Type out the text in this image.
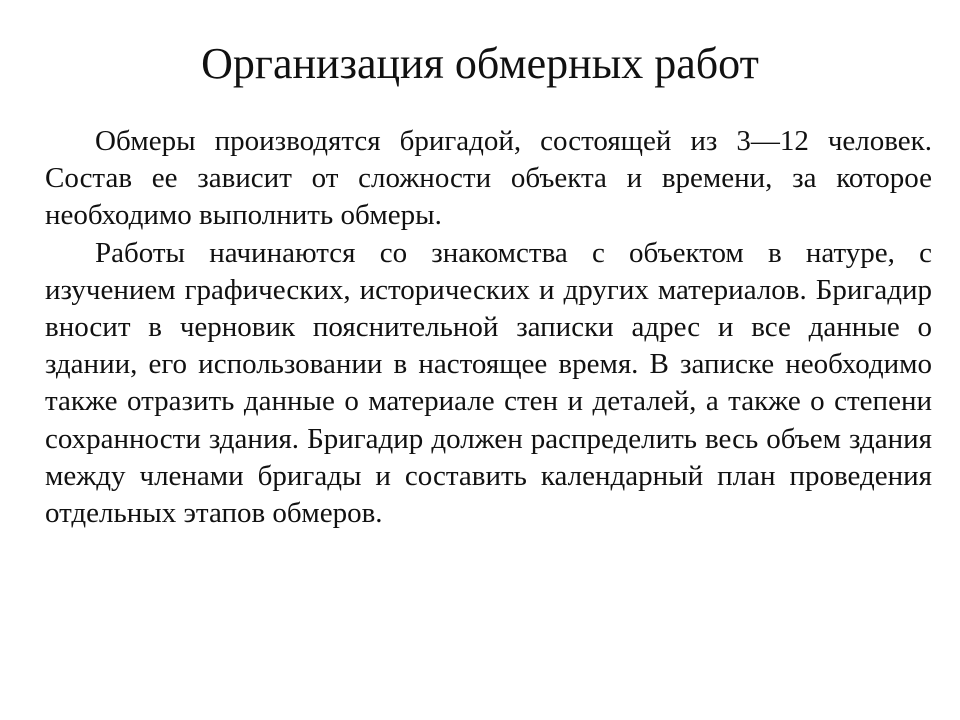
Организация обмерных работ

Обмеры производятся бригадой, состоящей из 3—12 человек. Состав ее зависит от сложности объекта и времени, за которое необходимо выполнить обмеры.

Работы начинаются со знакомства с объектом в натуре, с изучением графических, исторических и других материалов. Бригадир вносит в черновик пояснительной записки адрес и все данные о здании, его использовании в настоящее время. В записке необходимо также отразить данные о материале стен и деталей, а также о степени сохранности здания. Бригадир должен распределить весь объем здания между членами бригады и составить календарный план проведения отдельных этапов обмеров.
